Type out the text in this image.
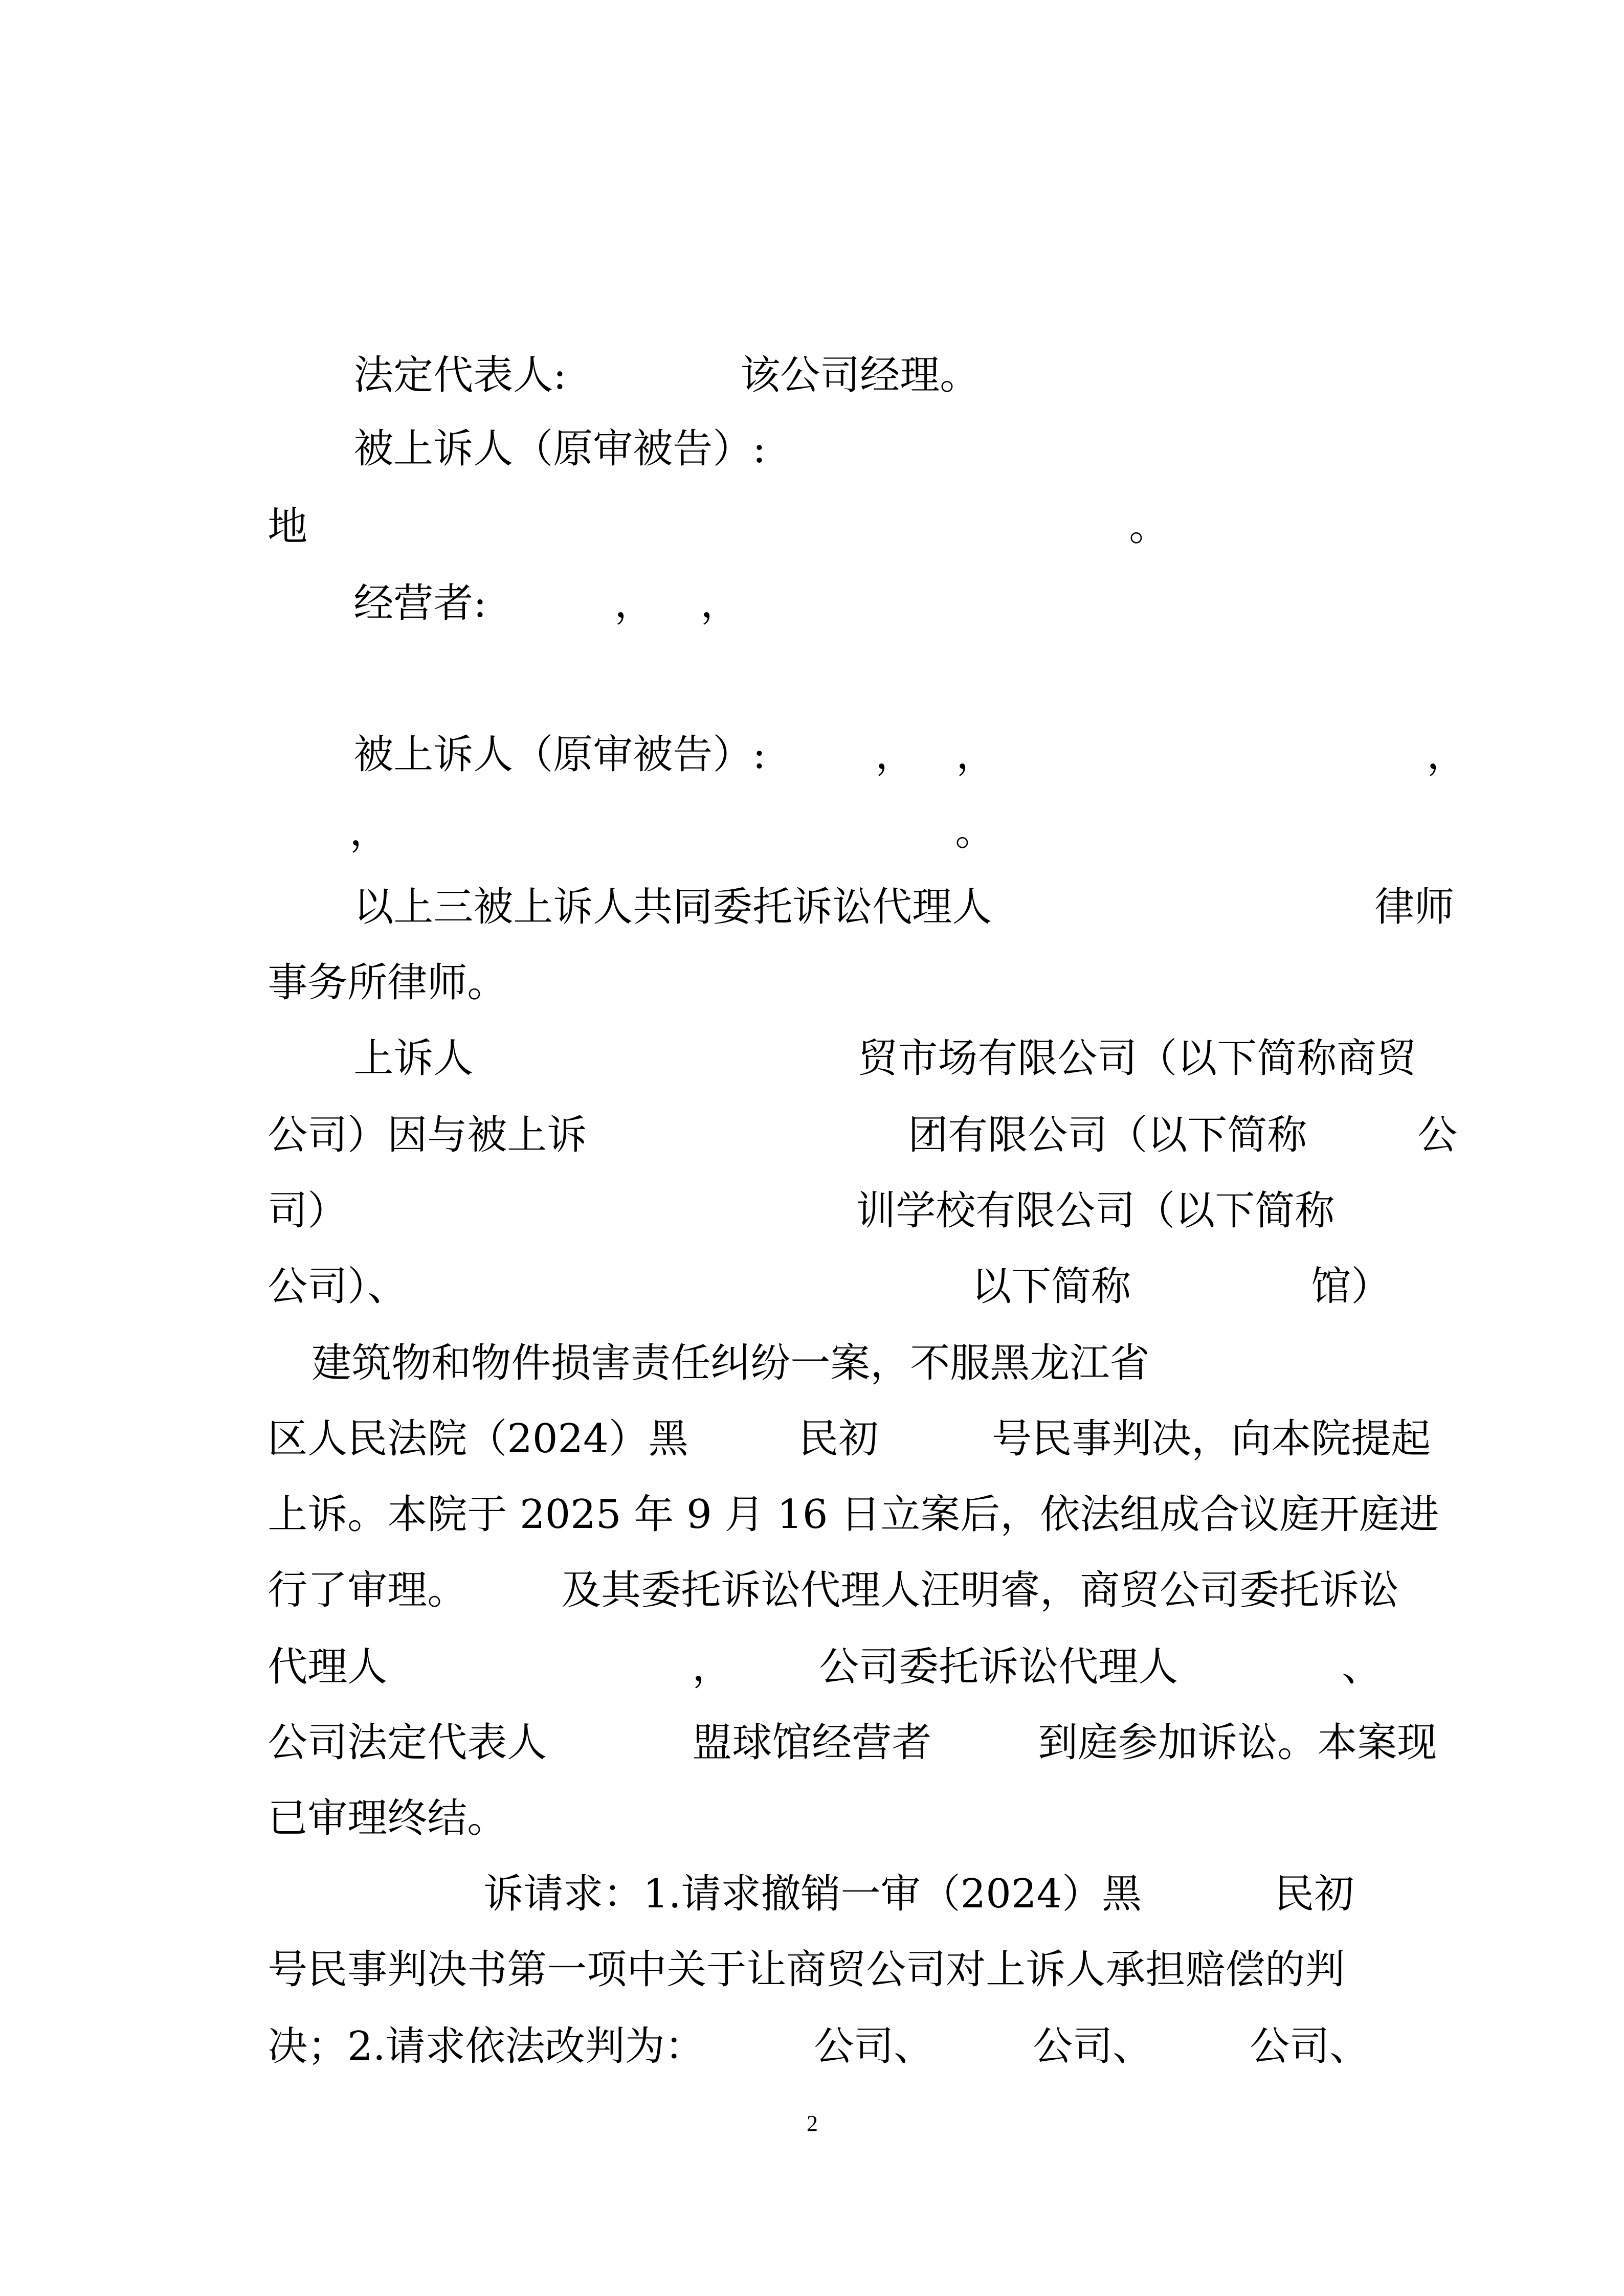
法定代表人:
	该公司经理。

被上诉人（原审被告）:

地
	。

经营者:
	，
	，

被上诉人（原审被告）:
	，
	，
	，

，
	。

以上三被上诉人共同委托诉讼代理人
	律师

事务所律师。

上诉人
	贸市场有限公司（以下简称商贸

公司）因与被上诉
	团有限公司（以下简称
	公

司）
	训学校有限公司（以下简称

公司）、
	以下简称
	馆）

建筑物和物件损害责任纠纷一案，不服黑龙江省

区人民法院（2024）黑
	民初
	号民事判决，向本院提起

上诉。本院于 2025 年 9 月 16 日立案后，依法组成合议庭开庭进

行了审理。
	及其委托诉讼代理人汪明睿，商贸公司委托诉讼

代理人
	，
	公司委托诉讼代理人
	、

公司法定代表人
	盟球馆经营者
	到庭参加诉讼。本案现

已审理终结。

诉请求：1.请求撤销一审（2024）黑
	民初

号民事判决书第一项中关于让商贸公司对上诉人承担赔偿的判

决；2.请求依法改判为：
	公司、
	公司、
	公司、

2
